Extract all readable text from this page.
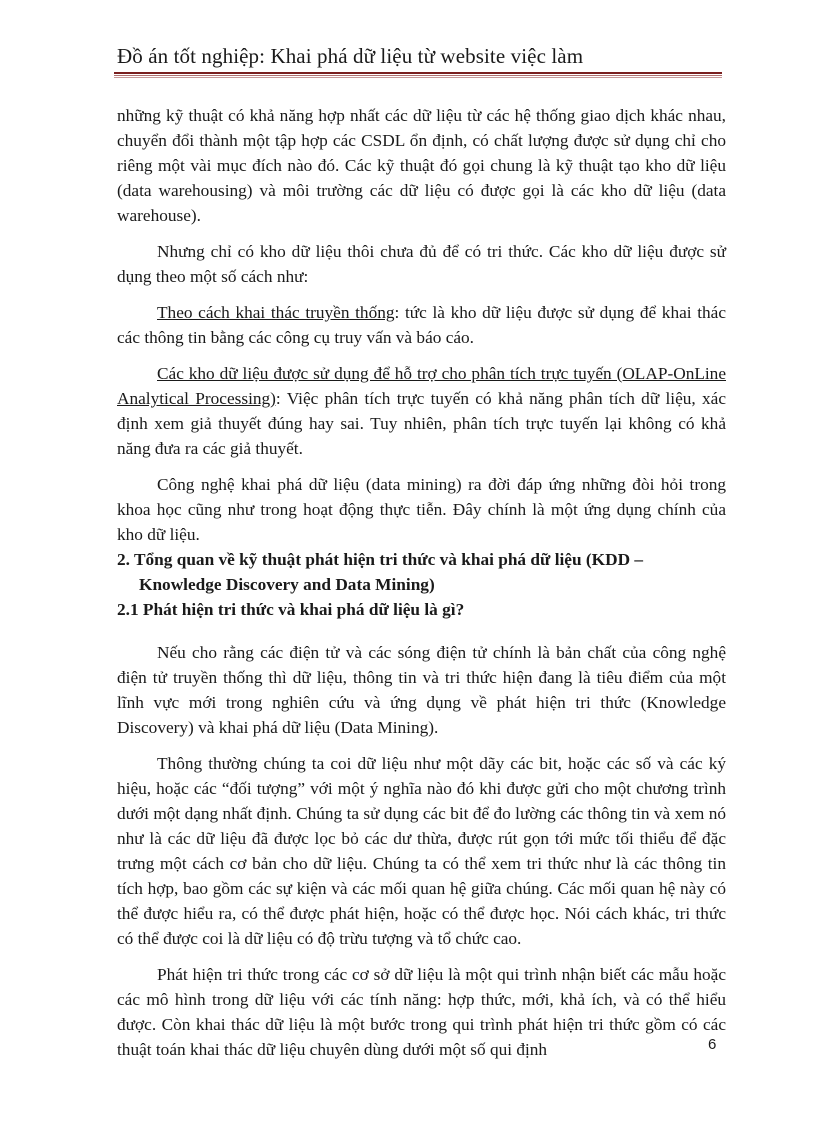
Đồ án tốt nghiệp: Khai phá dữ liệu từ website việc làm

những kỹ thuật có khả năng hợp nhất các dữ liệu từ các hệ thống giao dịch khác nhau, chuyển đổi thành một tập hợp các CSDL ổn định, có chất lượng được sử dụng chỉ cho riêng một vài mục đích nào đó. Các kỹ thuật đó gọi chung là kỹ thuật tạo kho dữ liệu (data warehousing) và môi trường các dữ liệu có được gọi là các kho dữ liệu (data warehouse).

Nhưng chỉ có kho dữ liệu thôi chưa đủ để có tri thức. Các kho dữ liệu được sử dụng theo một số cách như:

Theo cách khai thác truyền thống: tức là kho dữ liệu được sử dụng để khai thác các thông tin bằng các công cụ truy vấn và báo cáo.

Các kho dữ liệu được sử dụng để hỗ trợ cho phân tích trực tuyến (OLAP-OnLine Analytical Processing): Việc phân tích trực tuyến có khả năng phân tích dữ liệu, xác định xem giả thuyết đúng hay sai. Tuy nhiên, phân tích trực tuyến lại không có khả năng đưa ra các giả thuyết.

Công nghệ khai phá dữ liệu (data mining) ra đời đáp ứng những đòi hỏi trong khoa học cũng như trong hoạt động thực tiễn. Đây chính là một ứng dụng chính của kho dữ liệu.

2. Tổng quan về kỹ thuật phát hiện tri thức và khai phá dữ liệu (KDD – Knowledge Discovery and Data Mining)

2.1 Phát hiện tri thức và khai phá dữ liệu là gì?

Nếu cho rằng các điện tử và các sóng điện tử chính là bản chất của công nghệ điện tử truyền thống thì dữ liệu, thông tin và tri thức hiện đang là tiêu điểm của một lĩnh vực mới trong nghiên cứu và ứng dụng về phát hiện tri thức (Knowledge Discovery) và khai phá dữ liệu (Data Mining).

Thông thường chúng ta coi dữ liệu như một dãy các bit, hoặc các số và các ký hiệu, hoặc các “đối tượng” với một ý nghĩa nào đó khi được gửi cho một chương trình dưới một dạng nhất định. Chúng ta sử dụng các bit để đo lường các thông tin và xem nó như là các dữ liệu đã được lọc bỏ các dư thừa, được rút gọn tới mức tối thiểu để đặc trưng một cách cơ bản cho dữ liệu. Chúng ta có thể xem tri thức như là các thông tin tích hợp, bao gồm các sự kiện và các mối quan hệ giữa chúng. Các mối quan hệ này có thể được hiểu ra, có thể được phát hiện, hoặc có thể được học. Nói cách khác, tri thức có thể được coi là dữ liệu có độ trừu tượng và tổ chức cao.

Phát hiện tri thức trong các cơ sở dữ liệu là một qui trình nhận biết các mẫu hoặc các mô hình trong dữ liệu với các tính năng: hợp thức, mới, khả ích, và có thể hiểu được. Còn khai thác dữ liệu là một bước trong qui trình phát hiện tri thức gồm có các thuật toán khai thác dữ liệu chuyên dùng dưới một số qui định	6
